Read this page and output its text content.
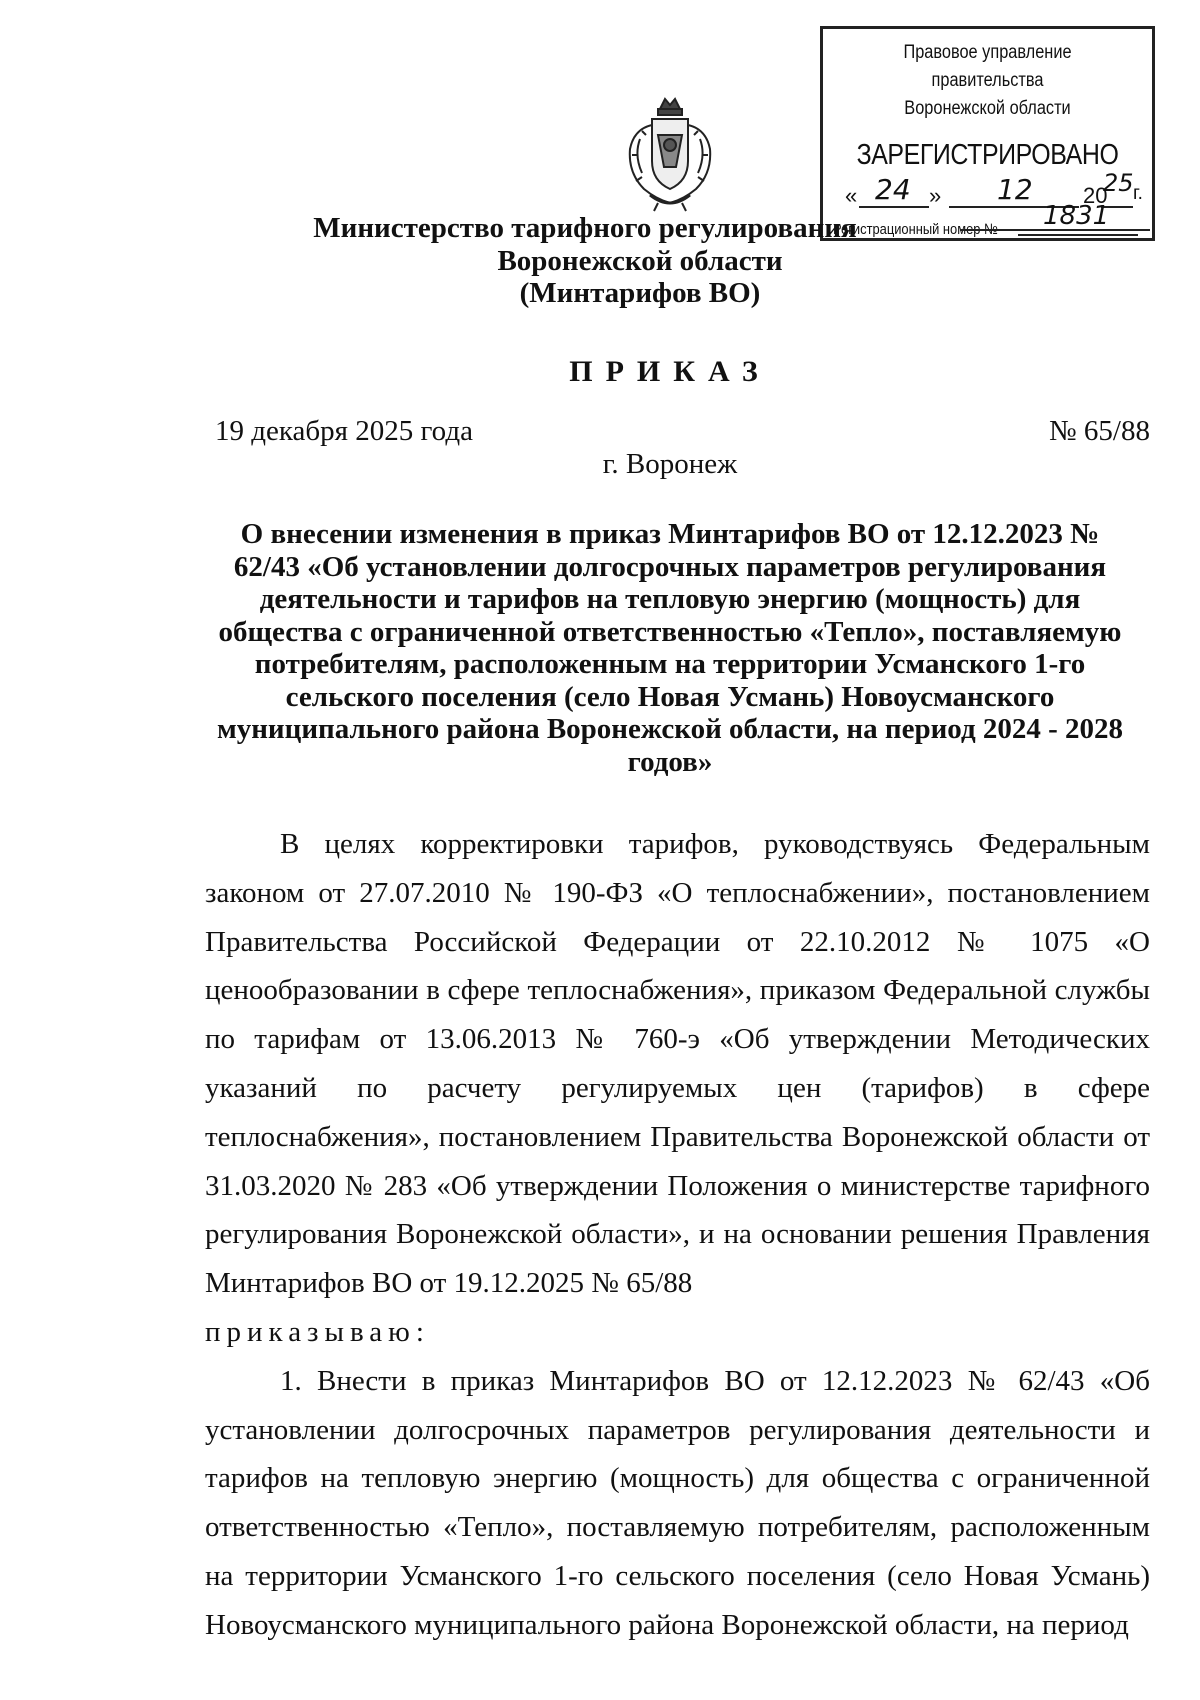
Правовое управление правительства
Воронежской области
ЗАРЕГИСТРИРОВАНО
« 24 » 12 20
25 г.
Регистрационный номер № 1831
Министерство тарифного регулирования
Воронежской области
(Минтарифов ВО)
ПРИКАЗ
19 декабря 2025 года	№ 65/88
г. Воронеж
О внесении изменения в приказ Минтарифов ВО от 12.12.2023 № 62/43 «Об установлении долгосрочных параметров регулирования деятельности и тарифов на тепловую энергию (мощность) для общества с ограниченной ответственностью «Тепло», поставляемую потребителям, расположенным на территории Усманского 1-го сельского поселения (село Новая Усмань) Новоусманского муниципального района Воронежской области, на период 2024 - 2028 годов»

В целях корректировки тарифов, руководствуясь Федеральным законом от 27.07.2010 № 190-ФЗ «О теплоснабжении», постановлением Правительства Российской Федерации от 22.10.2012 № 1075 «О ценообразовании в сфере теплоснабжения», приказом Федеральной службы по тарифам от 13.06.2013 № 760-э «Об утверждении Методических указаний по расчету регулируемых цен (тарифов) в сфере теплоснабжения», постановлением Правительства Воронежской области от 31.03.2020 № 283 «Об утверждении Положения о министерстве тарифного регулирования Воронежской области», и на основании решения Правления Минтарифов ВО от 19.12.2025 № 65/88

приказываю:

1. Внести в приказ Минтарифов ВО от 12.12.2023 № 62/43 «Об установлении долгосрочных параметров регулирования деятельности и тарифов на тепловую энергию (мощность) для общества с ограниченной ответственностью «Тепло», поставляемую потребителям, расположенным на территории Усманского 1-го сельского поселения (село Новая Усмань) Новоусманского муниципального района Воронежской области, на период
